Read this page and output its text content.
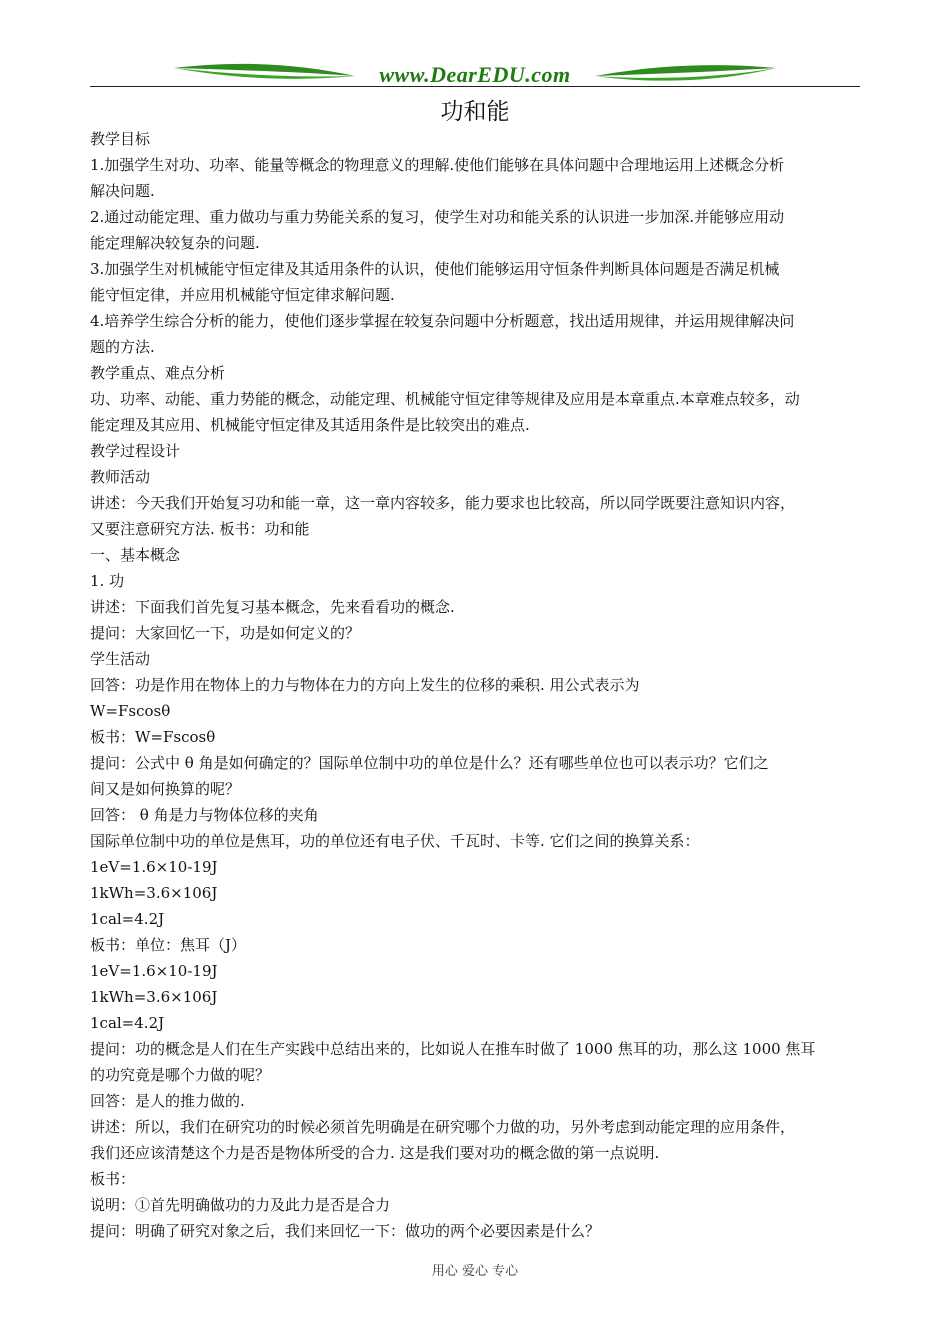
www.DearEDU.com
功和能
教学目标
1.加强学生对功、功率、能量等概念的物理意义的理解.使他们能够在具体问题中合理地运用上述概念分析
解决问题.
2.通过动能定理、重力做功与重力势能关系的复习，使学生对功和能关系的认识进一步加深.并能够应用动
能定理解决较复杂的问题.
3.加强学生对机械能守恒定律及其适用条件的认识，使他们能够运用守恒条件判断具体问题是否满足机械
能守恒定律，并应用机械能守恒定律求解问题.
4.培养学生综合分析的能力，使他们逐步掌握在较复杂问题中分析题意，找出适用规律，并运用规律解决问
题的方法.
教学重点、难点分析
功、功率、动能、重力势能的概念，动能定理、机械能守恒定律等规律及应用是本章重点.本章难点较多，动
能定理及其应用、机械能守恒定律及其适用条件是比较突出的难点.
教学过程设计
教师活动
讲述：今天我们开始复习功和能一章，这一章内容较多，能力要求也比较高，所以同学既要注意知识内容，
又要注意研究方法. 板书：功和能
一、基本概念
1. 功
讲述：下面我们首先复习基本概念，先来看看功的概念.
提问：大家回忆一下，功是如何定义的？
学生活动
回答：功是作用在物体上的力与物体在力的方向上发生的位移的乘积. 用公式表示为
W=Fscosθ
板书：W=Fscosθ
提问：公式中 θ 角是如何确定的？国际单位制中功的单位是什么？还有哪些单位也可以表示功？它们之
间又是如何换算的呢？
回答： θ 角是力与物体位移的夹角
国际单位制中功的单位是焦耳，功的单位还有电子伏、千瓦时、卡等. 它们之间的换算关系：
1eV=1.6×10-19J
1kWh=3.6×106J
1cal=4.2J
板书：单位：焦耳（J）
1eV=1.6×10-19J
1kWh=3.6×106J
1cal=4.2J
提问：功的概念是人们在生产实践中总结出来的，比如说人在推车时做了 1000 焦耳的功，那么这 1000 焦耳
的功究竟是哪个力做的呢？
回答：是人的推力做的.
讲述：所以，我们在研究功的时候必须首先明确是在研究哪个力做的功，另外考虑到动能定理的应用条件，
我们还应该清楚这个力是否是物体所受的合力. 这是我们要对功的概念做的第一点说明.
板书：
说明：①首先明确做功的力及此力是否是合力
提问：明确了研究对象之后，我们来回忆一下：做功的两个必要因素是什么？
用心 爱心 专心
